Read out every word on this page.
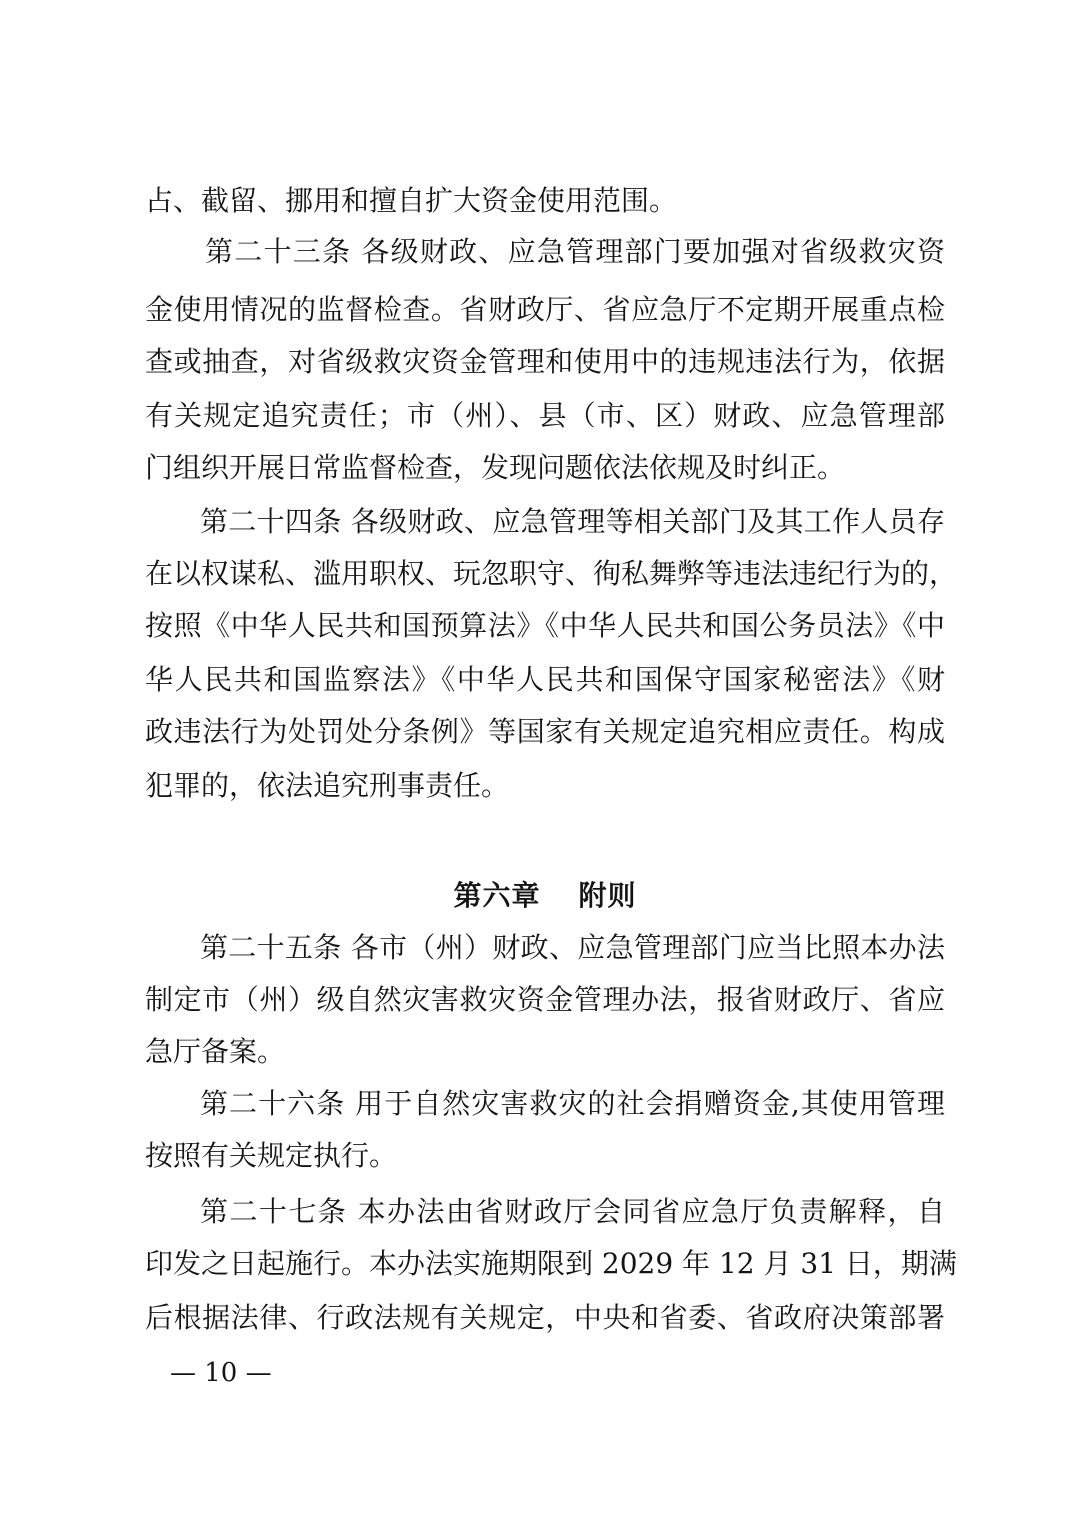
占、截留、挪用和擅自扩大资金使用范围。
第二十三条 各级财政、应急管理部门要加强对省级救灾资
金使用情况的监督检查。省财政厅、省应急厅不定期开展重点检
查或抽查，对省级救灾资金管理和使用中的违规违法行为，依据
有关规定追究责任；市（州）、县（市、区）财政、应急管理部
门组织开展日常监督检查，发现问题依法依规及时纠正。
第二十四条 各级财政、应急管理等相关部门及其工作人员存
在以权谋私、滥用职权、玩忽职守、徇私舞弊等违法违纪行为的，
按照《中华人民共和国预算法》《中华人民共和国公务员法》《中
华人民共和国监察法》《中华人民共和国保守国家秘密法》《财
政违法行为处罚处分条例》等国家有关规定追究相应责任。构成
犯罪的，依法追究刑事责任。
第六章 附则
第二十五条 各市（州）财政、应急管理部门应当比照本办法
制定市（州）级自然灾害救灾资金管理办法，报省财政厅、省应
急厅备案。
第二十六条 用于自然灾害救灾的社会捐赠资金,其使用管理
按照有关规定执行。
第二十七条 本办法由省财政厅会同省应急厅负责解释，自
印发之日起施行。本办法实施期限到 2029 年 12 月 31 日，期满
后根据法律、行政法规有关规定，中央和省委、省政府决策部署
— 10 —
